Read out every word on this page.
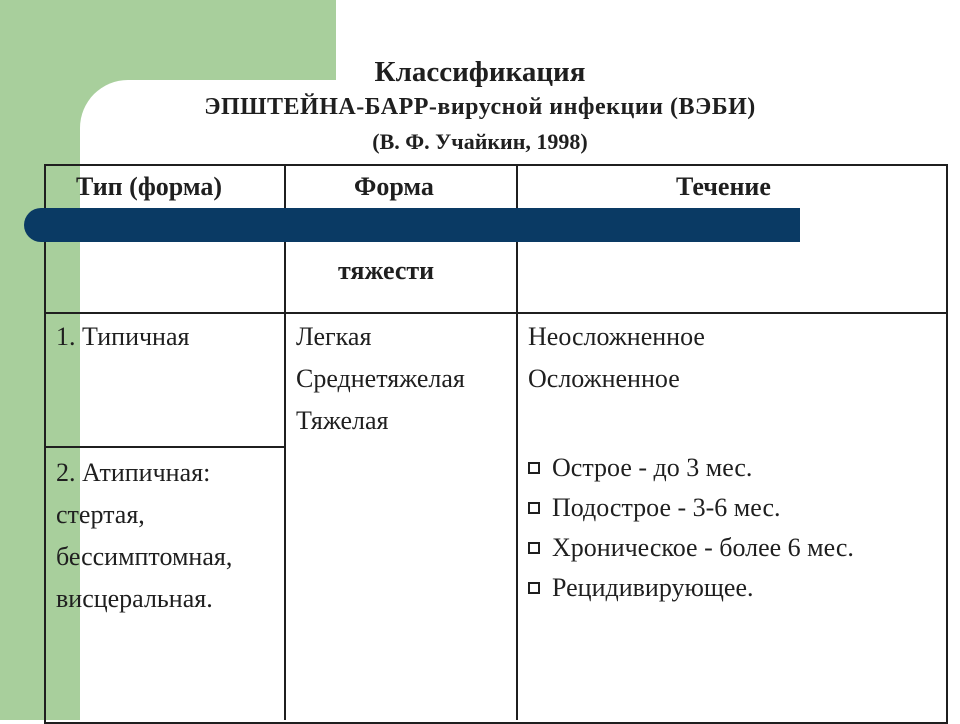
Классификация
ЭПШТЕЙНА-БАРР-вирусной инфекции (ВЭБИ)
(В. Ф. Учайкин, 1998)
Тип (форма)	Форма
тяжести
Течение
1. Типичная
2. Атипичная:
стертая,
бессимптомная,
висцеральная.
Легкая
Среднетяжелая
Тяжелая
Неосложненное
Осложненное
Острое - до 3 мес.
Подострое - 3-6 мес.
Хроническое - более 6 мес.
Рецидивирующее.
